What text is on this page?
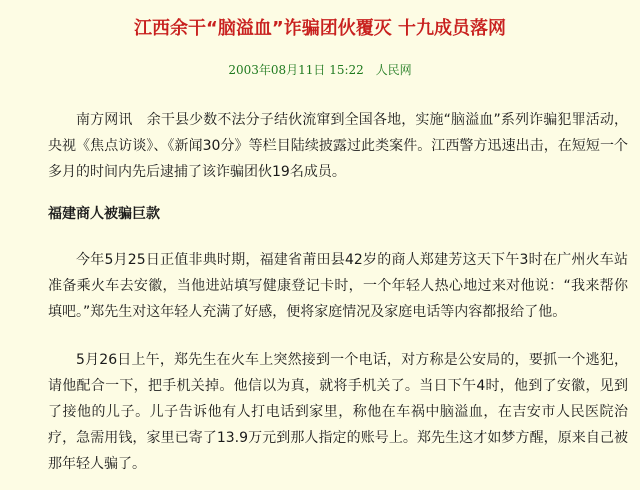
江西余干“脑溢血”诈骗团伙覆灭 十九成员落网
2003年08月11日 15:22 人民网

南方网讯　余干县少数不法分子结伙流窜到全国各地，实施“脑溢血”系列诈骗犯罪活动，央视《焦点访谈》、《新闻30分》等栏目陆续披露过此类案件。江西警方迅速出击，在短短一个多月的时间内先后逮捕了该诈骗团伙19名成员。

福建商人被骗巨款

今年5月25日正值非典时期，福建省莆田县42岁的商人郑建芳这天下午3时在广州火车站准备乘火车去安徽，当他进站填写健康登记卡时，一个年轻人热心地过来对他说：“我来帮你填吧。”郑先生对这年轻人充满了好感，便将家庭情况及家庭电话等内容都报给了他。

5月26日上午，郑先生在火车上突然接到一个电话，对方称是公安局的，要抓一个逃犯，请他配合一下，把手机关掉。他信以为真，就将手机关了。当日下午4时，他到了安徽，见到了接他的儿子。儿子告诉他有人打电话到家里，称他在车祸中脑溢血，在吉安市人民医院治疗，急需用钱，家里已寄了13.9万元到那人指定的账号上。郑先生这才如梦方醒，原来自己被那年轻人骗了。
